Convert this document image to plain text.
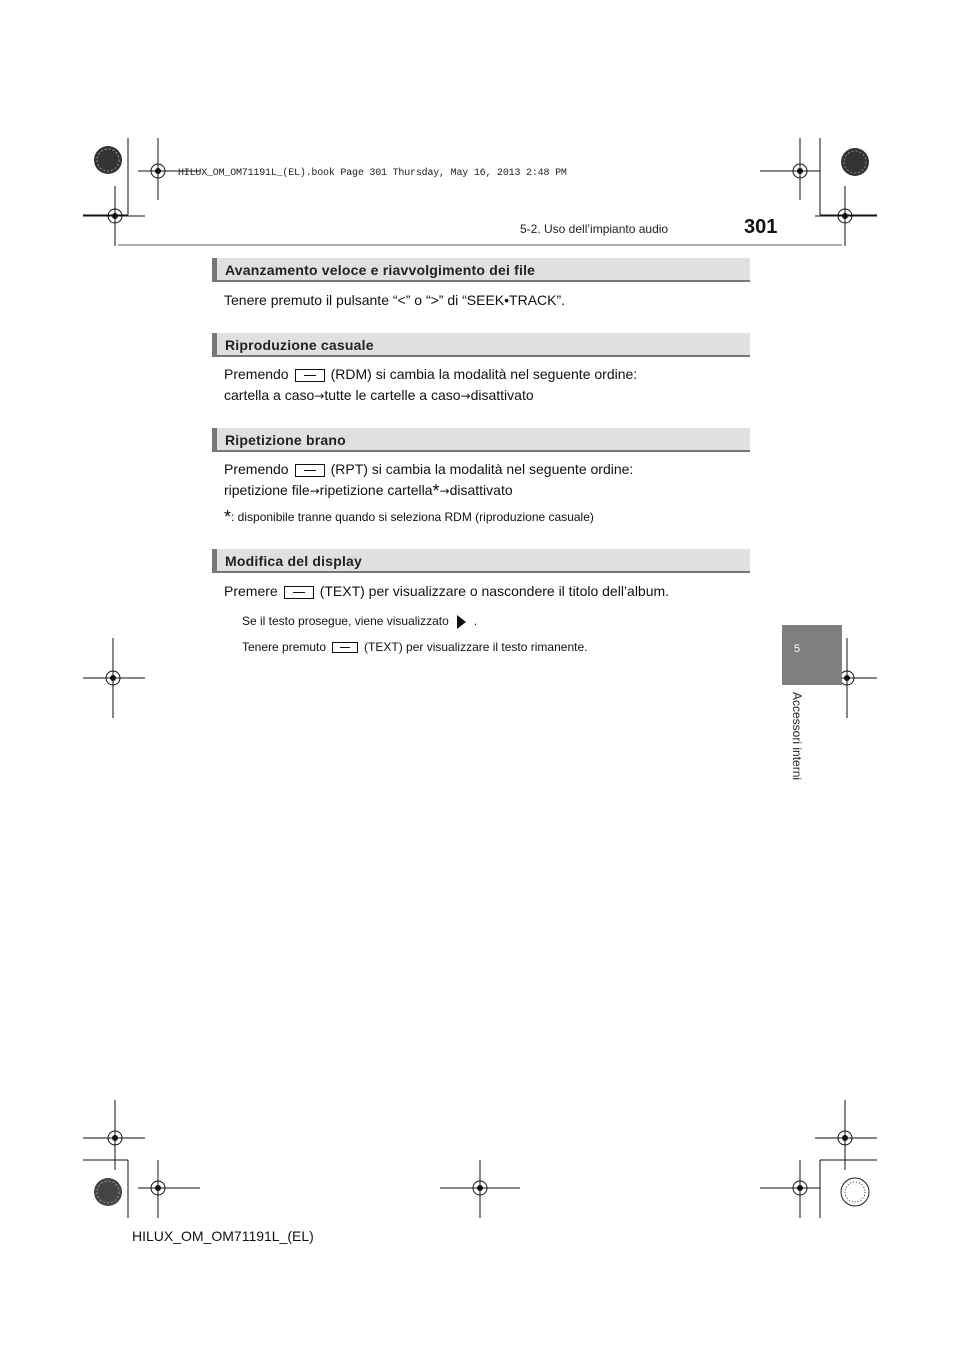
HILUX_OM_OM71191L_(EL).book Page 301 Thursday, May 16, 2013 2:48 PM
301
5-2. Uso dell’impianto audio
5
Accessori interni
Avanzamento veloce e riavvolgimento dei file
Tenere premuto il pulsante “<” o “>” di “SEEK•TRACK”.
Riproduzione casuale
Premendo	(RDM) si cambia la modalità nel seguente ordine:
cartella a caso→tutte le cartelle a caso→disattivato
Ripetizione brano
Premendo	(RPT) si cambia la modalità nel seguente ordine:
ripetizione file→ripetizione cartella*→disattivato
*: disponibile tranne quando si seleziona RDM (riproduzione casuale)
Modifica del display
Premere	(TEXT) per visualizzare o nascondere il titolo dell’album.
Se il testo prosegue, viene visualizzato .
Tenere premuto	(TEXT) per visualizzare il testo rimanente.
HILUX_OM_OM71191L_(EL)
